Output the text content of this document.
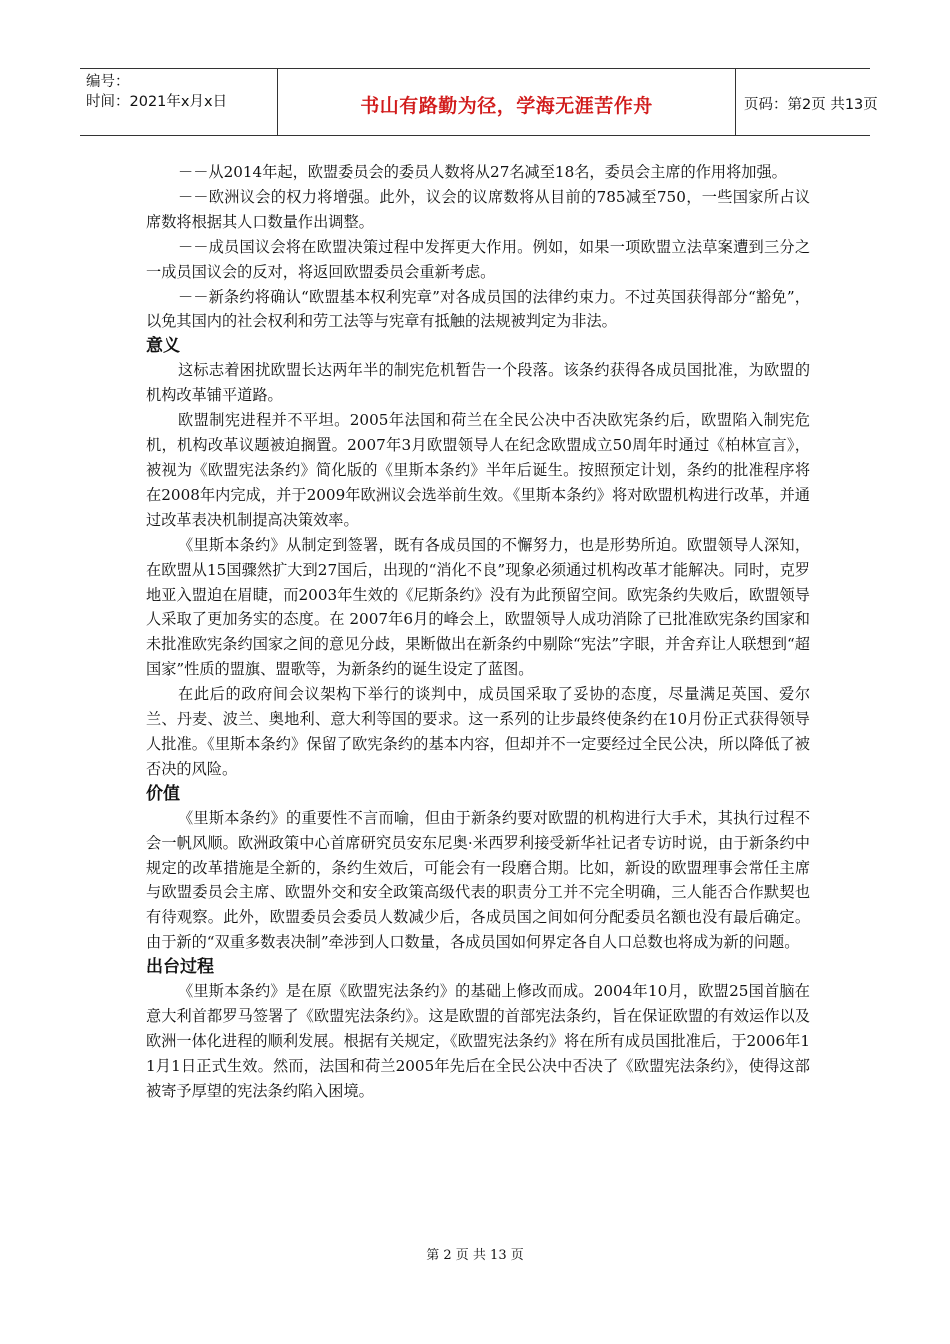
编号：
时间：2021年x月x日	书山有路勤为径，学海无涯苦作舟	页码：第2页 共13页
－－从2014年起，欧盟委员会的委员人数将从27名减至18名，委员会主席的作用将加强。
－－欧洲议会的权力将增强。此外，议会的议席数将从目前的785减至750，一些国家所占议席数将根据其人口数量作出调整。
－－成员国议会将在欧盟决策过程中发挥更大作用。例如，如果一项欧盟立法草案遭到三分之一成员国议会的反对，将返回欧盟委员会重新考虑。
－－新条约将确认“欧盟基本权利宪章”对各成员国的法律约束力。不过英国获得部分“豁免”，以免其国内的社会权利和劳工法等与宪章有抵触的法规被判定为非法。
意义
这标志着困扰欧盟长达两年半的制宪危机暂告一个段落。该条约获得各成员国批准，为欧盟的机构改革铺平道路。
欧盟制宪进程并不平坦。2005年法国和荷兰在全民公决中否决欧宪条约后，欧盟陷入制宪危机，机构改革议题被迫搁置。2007年3月欧盟领导人在纪念欧盟成立50周年时通过《柏林宣言》，被视为《欧盟宪法条约》简化版的《里斯本条约》半年后诞生。按照预定计划，条约的批准程序将在2008年内完成，并于2009年欧洲议会选举前生效。《里斯本条约》将对欧盟机构进行改革，并通过改革表决机制提高决策效率。
《里斯本条约》从制定到签署，既有各成员国的不懈努力，也是形势所迫。欧盟领导人深知，在欧盟从15国骤然扩大到27国后，出现的“消化不良”现象必须通过机构改革才能解决。同时，克罗地亚入盟迫在眉睫，而2003年生效的《尼斯条约》没有为此预留空间。欧宪条约失败后，欧盟领导人采取了更加务实的态度。在 2007年6月的峰会上，欧盟领导人成功消除了已批准欧宪条约国家和未批准欧宪条约国家之间的意见分歧，果断做出在新条约中剔除“宪法”字眼，并舍弃让人联想到“超国家”性质的盟旗、盟歌等，为新条约的诞生设定了蓝图。
在此后的政府间会议架构下举行的谈判中，成员国采取了妥协的态度，尽量满足英国、爱尔兰、丹麦、波兰、奥地利、意大利等国的要求。这一系列的让步最终使条约在10月份正式获得领导人批准。《里斯本条约》保留了欧宪条约的基本内容，但却并不一定要经过全民公决，所以降低了被否决的风险。
价值
《里斯本条约》的重要性不言而喻，但由于新条约要对欧盟的机构进行大手术，其执行过程不会一帆风顺。欧洲政策中心首席研究员安东尼奥·米西罗利接受新华社记者专访时说，由于新条约中规定的改革措施是全新的，条约生效后，可能会有一段磨合期。比如，新设的欧盟理事会常任主席与欧盟委员会主席、欧盟外交和安全政策高级代表的职责分工并不完全明确，三人能否合作默契也有待观察。此外，欧盟委员会委员人数减少后，各成员国之间如何分配委员名额也没有最后确定。由于新的“双重多数表决制”牵涉到人口数量，各成员国如何界定各自人口总数也将成为新的问题。
出台过程
《里斯本条约》是在原《欧盟宪法条约》的基础上修改而成。2004年10月，欧盟25国首脑在意大利首都罗马签署了《欧盟宪法条约》。这是欧盟的首部宪法条约，旨在保证欧盟的有效运作以及欧洲一体化进程的顺利发展。根据有关规定，《欧盟宪法条约》将在所有成员国批准后，于2006年11月1日正式生效。然而，法国和荷兰2005年先后在全民公决中否决了《欧盟宪法条约》，使得这部被寄予厚望的宪法条约陷入困境。
第 2 页 共 13 页
